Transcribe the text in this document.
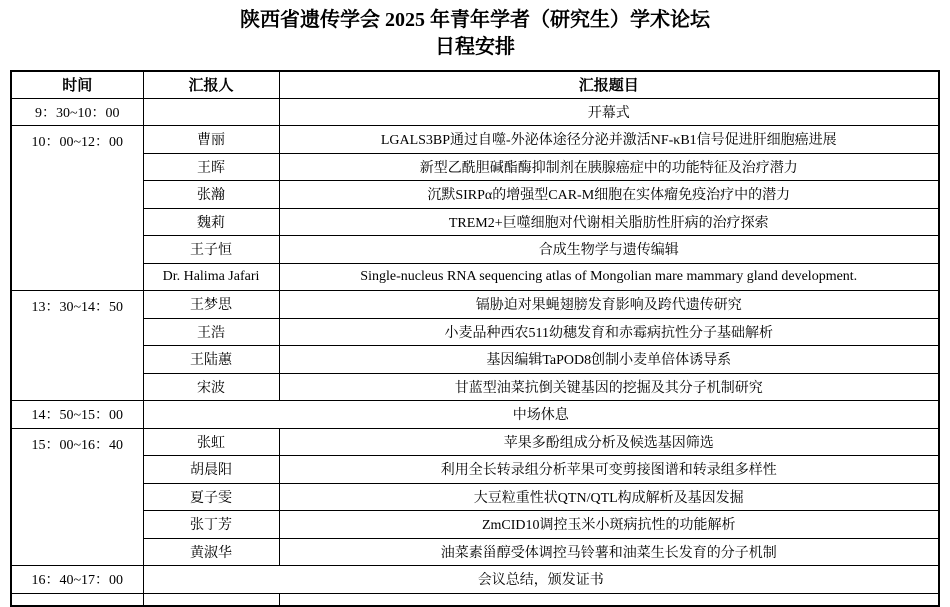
陕西省遗传学会 2025 年青年学者（研究生）学术论坛
日程安排
时间	汇报人	汇报题目
9：30~10：00		开幕式
10：00~12：00	曹丽	LGALS3BP通过自噬-外泌体途径分泌并激活NF-κB1信号促进肝细胞癌进展
	王晖	新型乙酰胆碱酯酶抑制剂在胰腺癌症中的功能特征及治疗潜力
	张瀚	沉默SIRPα的增强型CAR-M细胞在实体瘤免疫治疗中的潜力
	魏莉	TREM2+巨噬细胞对代谢相关脂肪性肝病的治疗探索
	王子恒	合成生物学与遗传编辑
	Dr. Halima Jafari	Single-nucleus RNA sequencing atlas of Mongolian mare mammary gland development.
13：30~14：50	王梦思	镉胁迫对果蝇翅膀发育影响及跨代遗传研究
	王浩	小麦品种西农511幼穗发育和赤霉病抗性分子基础解析
	王陆蕙	基因编辑TaPOD8创制小麦单倍体诱导系
	宋波	甘蓝型油菜抗倒关键基因的挖掘及其分子机制研究
14：50~15：00	中场休息	
15：00~16：40	张虹	苹果多酚组成分析及候选基因筛选
	胡晨阳	利用全长转录组分析苹果可变剪接图谱和转录组多样性
	夏子雯	大豆粒重性状QTN/QTL构成解析及基因发掘
	张丁芳	ZmCID10调控玉米小斑病抗性的功能解析
	黄淑华	油菜素甾醇受体调控马铃薯和油菜生长发育的分子机制
16：40~17：00	会议总结，颁发证书	
